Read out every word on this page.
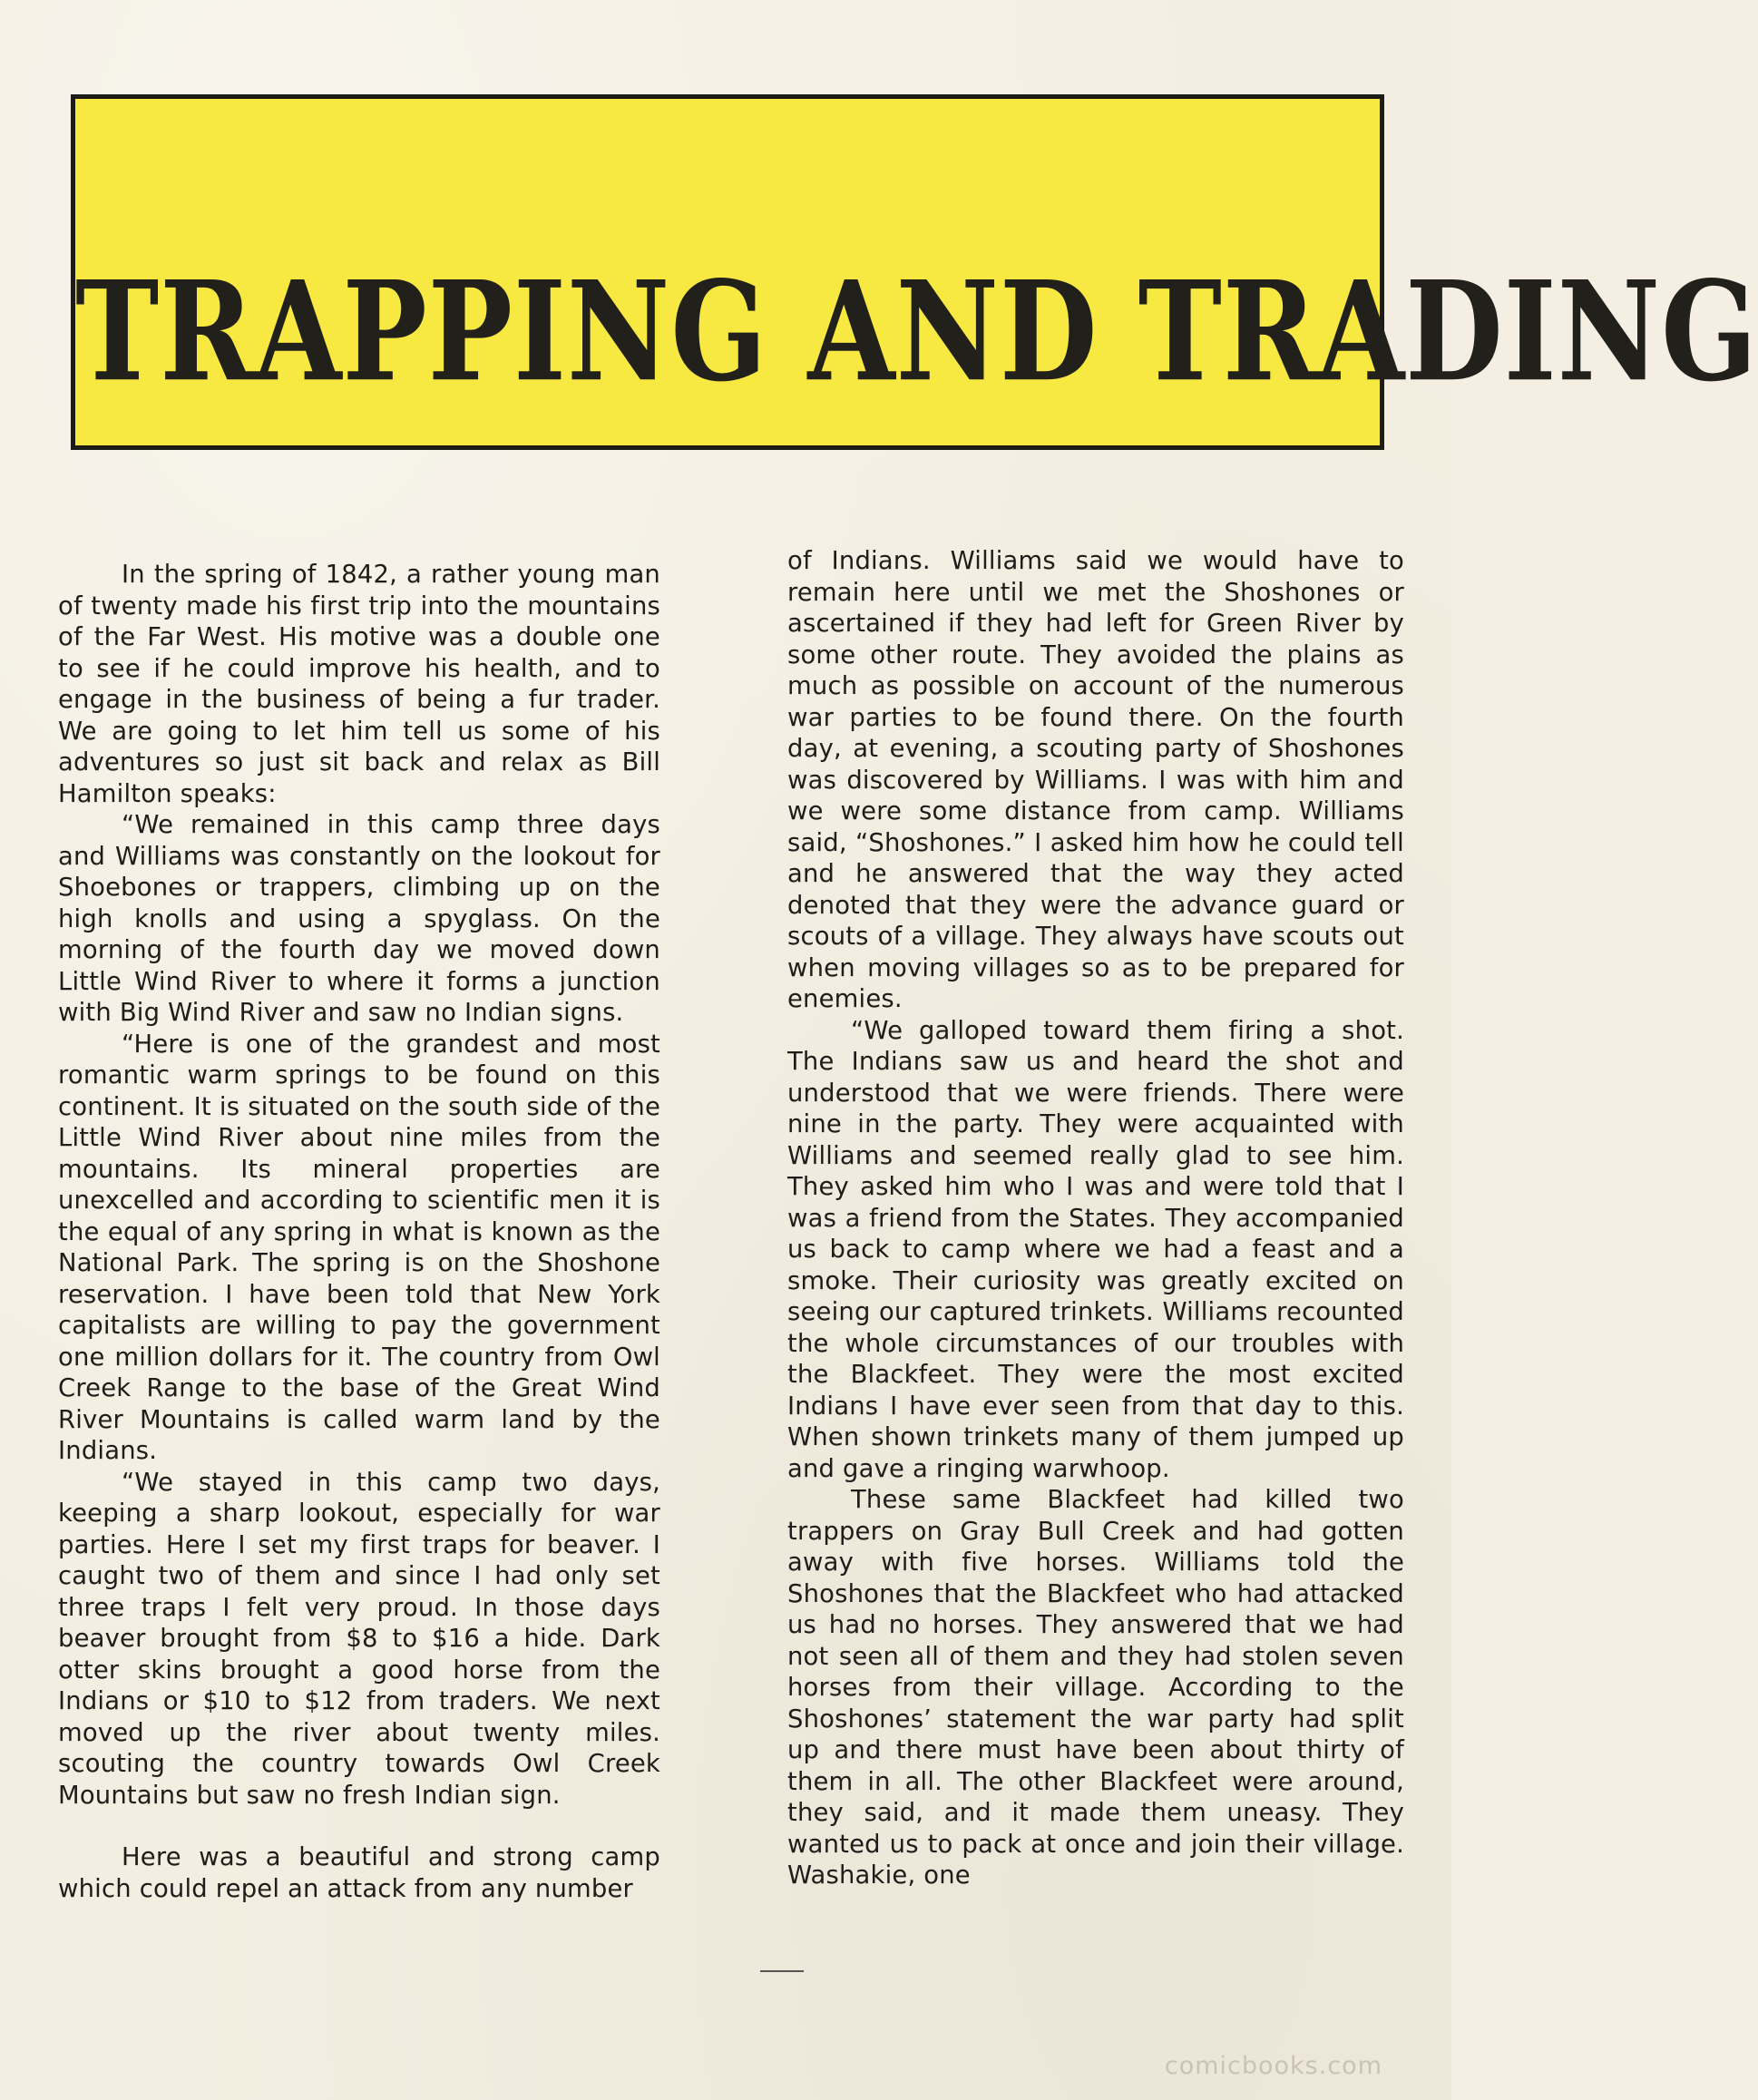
TRAPPING AND TRADING

In the spring of 1842, a rather young man of twenty made his first trip into the mountains of the Far West. His motive was a double one to see if he could improve his health, and to engage in the business of being a fur trader. We are going to let him tell us some of his adventures so just sit back and relax as Bill Hamilton speaks:

“We remained in this camp three days and Williams was constantly on the lookout for Shoebones or trappers, climbing up on the high knolls and using a spyglass. On the morning of the fourth day we moved down Little Wind River to where it forms a junction with Big Wind River and saw no Indian signs.

“Here is one of the grandest and most romantic warm springs to be found on this continent. It is situated on the south side of the Little Wind River about nine miles from the mountains. Its mineral properties are unexcelled and according to scientific men it is the equal of any spring in what is known as the National Park. The spring is on the Shoshone reservation. I have been told that New York capitalists are willing to pay the government one million dollars for it. The country from Owl Creek Range to the base of the Great Wind River Mountains is called warm land by the Indians.

“We stayed in this camp two days, keeping a sharp lookout, especially for war parties. Here I set my first traps for beaver. I caught two of them and since I had only set three traps I felt very proud. In those days beaver brought from $8 to $16 a hide. Dark otter skins brought a good horse from the Indians or $10 to $12 from traders. We next moved up the river about twenty miles. scouting the country towards Owl Creek Mountains but saw no fresh Indian sign.

Here was a beautiful and strong camp which could repel an attack from any number

of Indians. Williams said we would have to remain here until we met the Shoshones or ascertained if they had left for Green River by some other route. They avoided the plains as much as possible on account of the numerous war parties to be found there. On the fourth day, at evening, a scouting party of Shoshones was discovered by Williams. I was with him and we were some distance from camp. Williams said, “Shoshones.” I asked him how he could tell and he answered that the way they acted denoted that they were the advance guard or scouts of a village. They always have scouts out when moving villages so as to be prepared for enemies.

“We galloped toward them firing a shot. The Indians saw us and heard the shot and understood that we were friends. There were nine in the party. They were acquainted with Williams and seemed really glad to see him. They asked him who I was and were told that I was a friend from the States. They accompanied us back to camp where we had a feast and a smoke. Their curiosity was greatly excited on seeing our captured trinkets. Williams recounted the whole circumstances of our troubles with the Blackfeet. They were the most excited Indians I have ever seen from that day to this. When shown trinkets many of them jumped up and gave a ringing warwhoop.

These same Blackfeet had killed two trappers on Gray Bull Creek and had gotten away with five horses. Williams told the Shoshones that the Blackfeet who had attacked us had no horses. They answered that we had not seen all of them and they had stolen seven horses from their village. According to the Shoshones’ statement the war party had split up and there must have been about thirty of them in all. The other Blackfeet were around, they said, and it made them uneasy. They wanted us to pack at once and join their village. Washakie, one

comicbooks.com
